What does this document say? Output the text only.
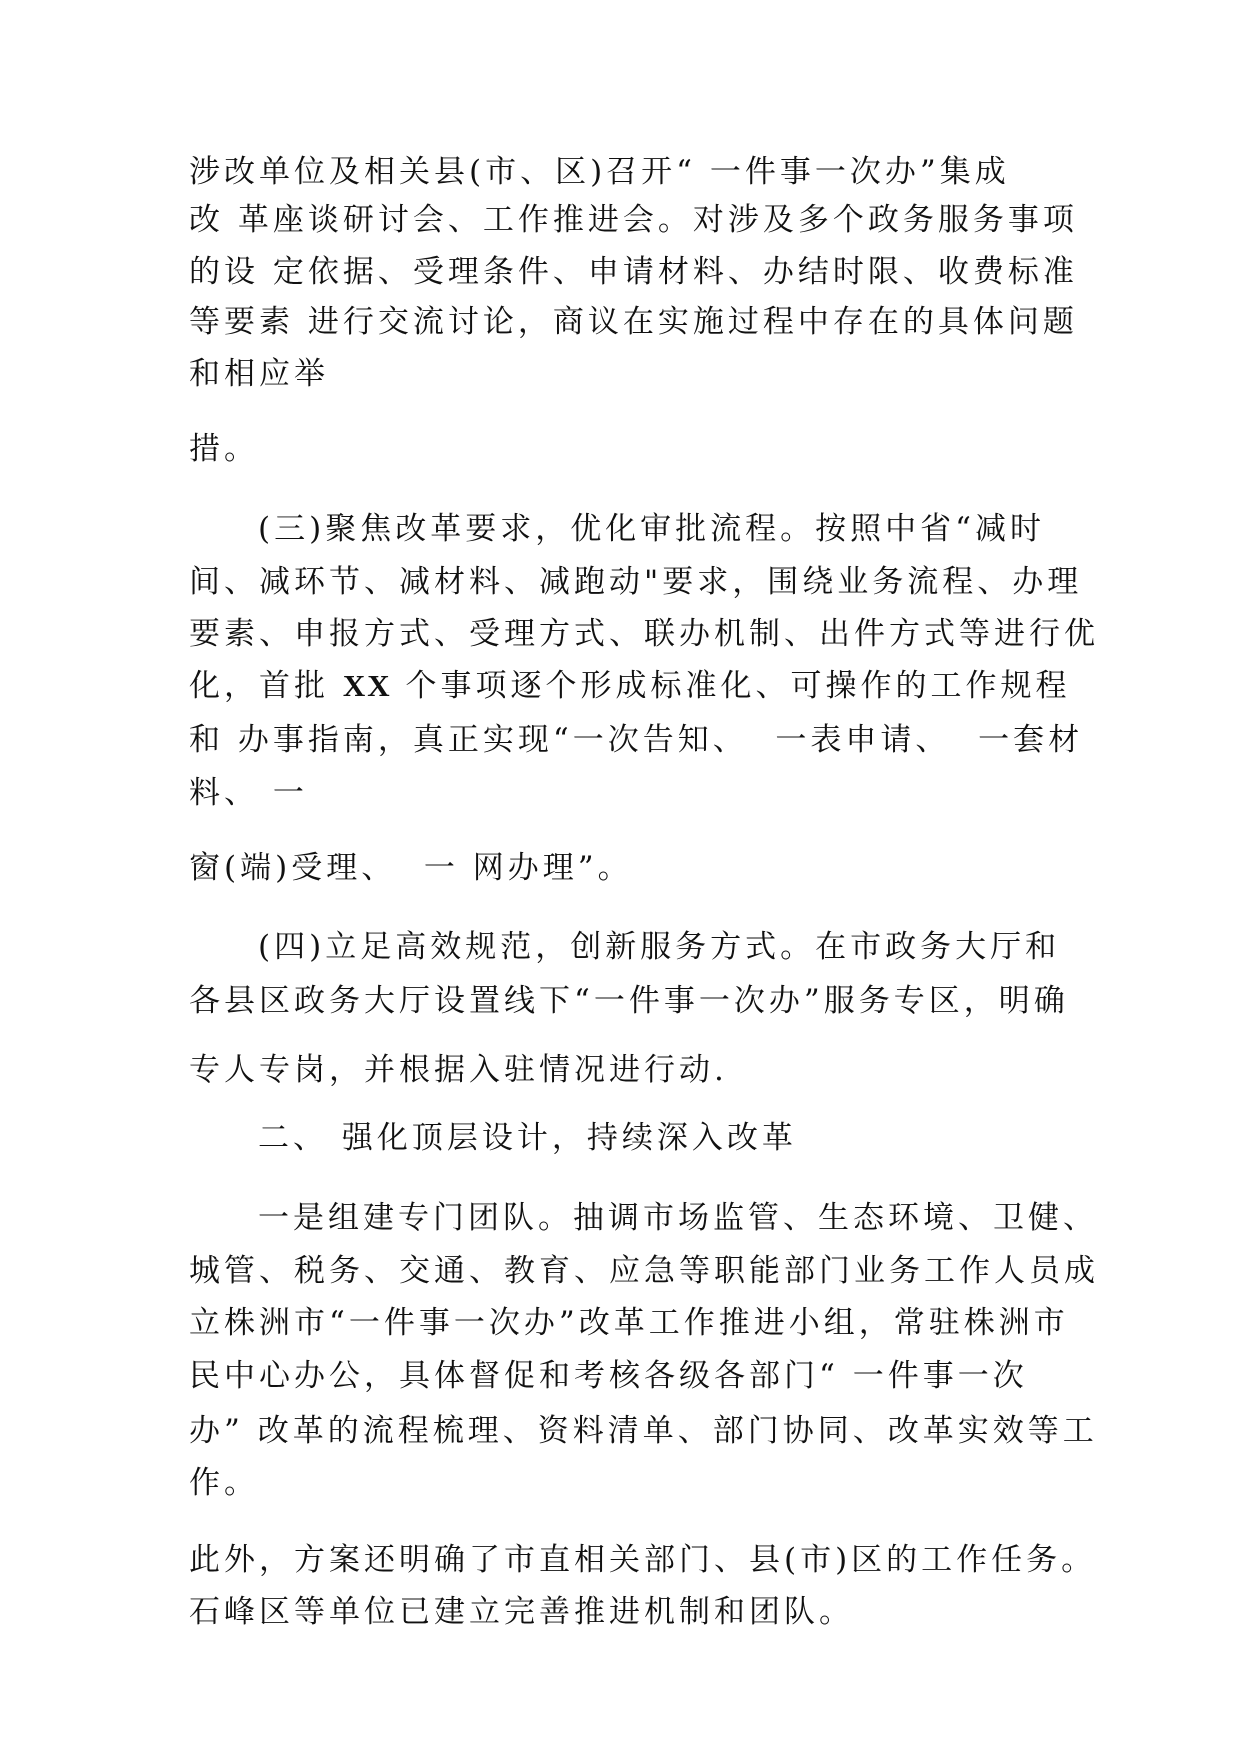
涉改单位及相关县(市、区)召开“ 一件事一次办”集成
改 革座谈研讨会、工作推进会。对涉及多个政务服务事项
的设 定依据、受理条件、申请材料、办结时限、收费标准
等要素 进行交流讨论，商议在实施过程中存在的具体问题
和相应举
措。
(三)聚焦改革要求，优化审批流程。按照中省“减时
间、减环节、减材料、减跑动"要求，围绕业务流程、办理
要素、申报方式、受理方式、联办机制、出件方式等进行优
化，首批 XX 个事项逐个形成标准化、可操作的工作规程
和 办事指南，真正实现“一次告知、  一表申请、  一套材
料、 一
窗(端)受理、  一 网办理”。
(四)立足高效规范，创新服务方式。在市政务大厅和
各县区政务大厅设置线下“一件事一次办”服务专区，明确
专人专岗，并根据入驻情况进行动.
二、 强化顶层设计，持续深入改革
一是组建专门团队。抽调市场监管、生态环境、卫健、
城管、税务、交通、教育、应急等职能部门业务工作人员成
立株洲市“一件事一次办”改革工作推进小组，常驻株洲市
民中心办公，具体督促和考核各级各部门“ 一件事一次
办” 改革的流程梳理、资料清单、部门协同、改革实效等工
作。
此外，方案还明确了市直相关部门、县(市)区的工作任务。
石峰区等单位已建立完善推进机制和团队。
